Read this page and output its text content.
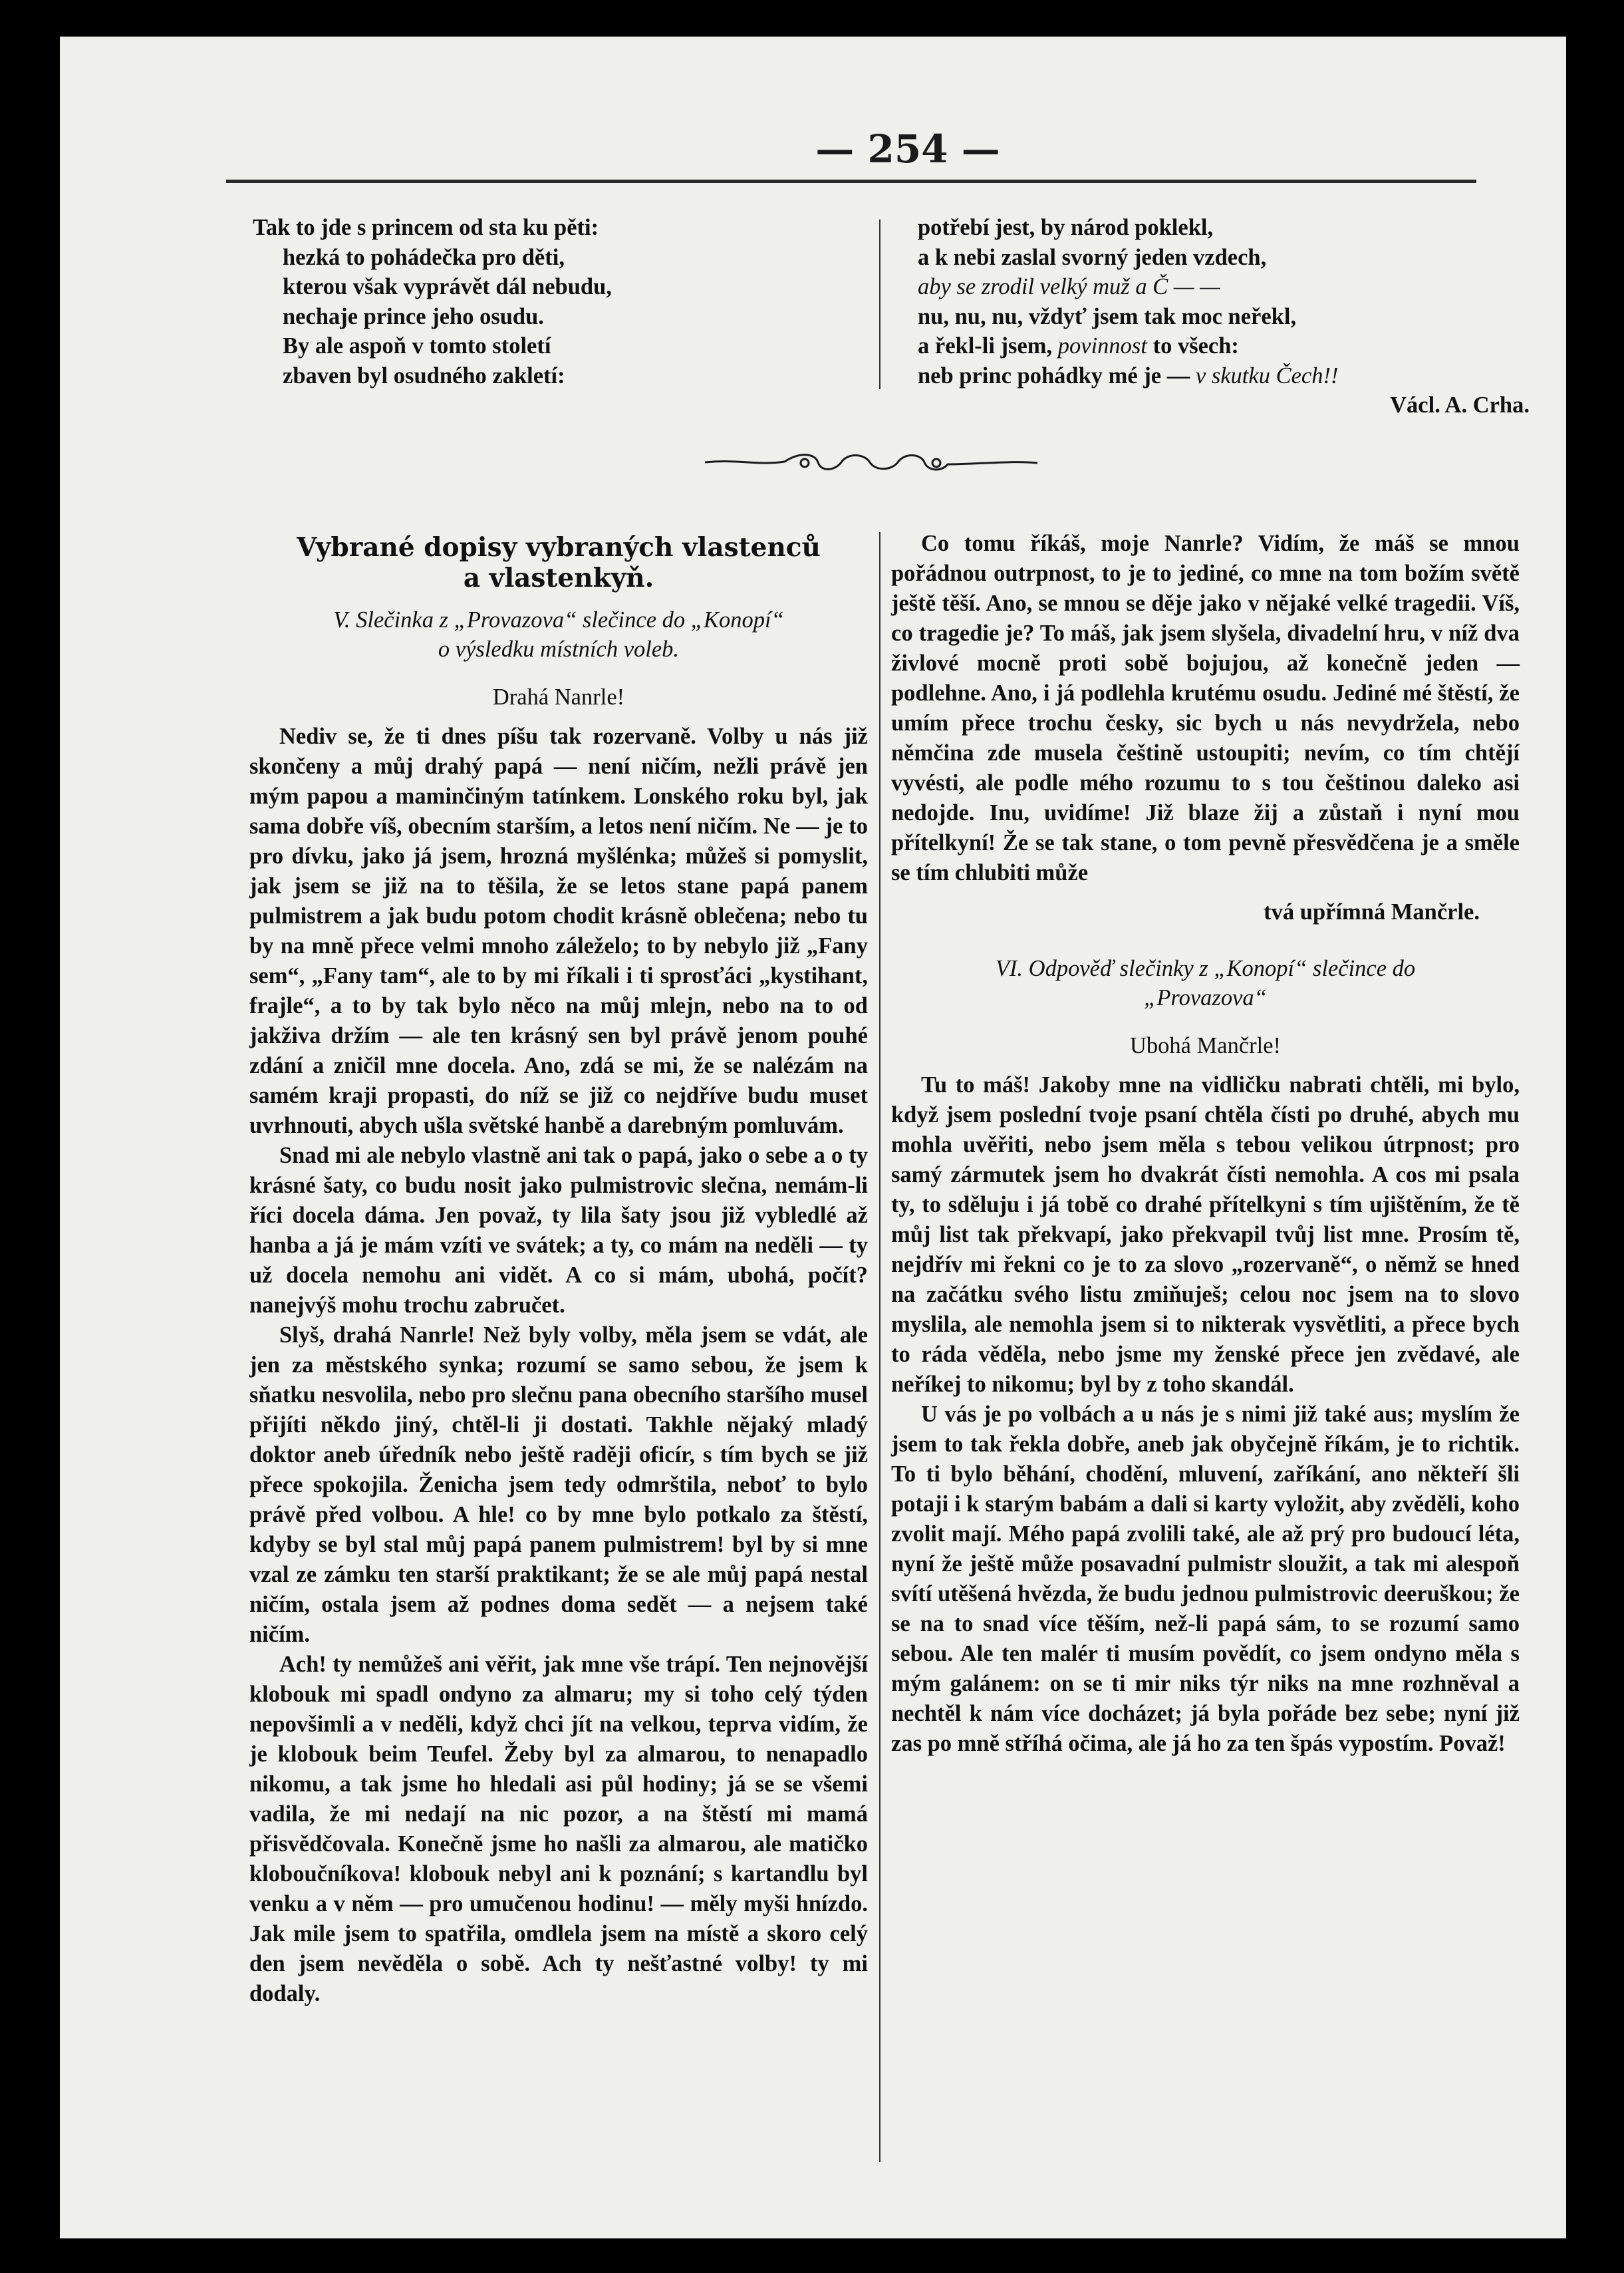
— 254 —
Tak to jde s princem od sta ku pěti:
hezká to pohádečka pro děti,
kterou však vyprávět dál nebudu,
nechaje prince jeho osudu.
By ale aspoň v tomto století
zbaven byl osudného zakletí:
potřebí jest, by národ poklekl,
a k nebi zaslal svorný jeden vzdech,
aby se zrodil velký muž a Č — —
nu, nu, nu, vždyť jsem tak moc neřekl,
a řekl-li jsem, povinnost to všech:
neb princ pohádky mé je — v skutku Čech!!
Václ. A. Crha.
Vybrané dopisy vybraných vlastenců
a vlastenkyň.
V. Slečinka z „Provazova“ slečince do „Konopí“
o výsledku místních voleb.
Drahá Nanrle!

Nediv se, že ti dnes píšu tak rozervaně. Volby u nás již skončeny a můj drahý papá — není ničím, nežli právě jen mým papou a maminčiným tatínkem. Lonského roku byl, jak sama dobře víš, obecním starším, a letos není ničím. Ne — je to pro dívku, jako já jsem, hrozná myšlénka; můžeš si pomyslit, jak jsem se již na to těšila, že se letos stane papá panem pulmistrem a jak budu potom chodit krásně oblečena; nebo tu by na mně přece velmi mnoho záleželo; to by nebylo již „Fany sem“, „Fany tam“, ale to by mi říkali i ti sprosťáci „kystihant, frajle“, a to by tak bylo něco na můj mlejn, nebo na to od jakživa držím — ale ten krásný sen byl právě jenom pouhé zdání a zničil mne docela. Ano, zdá se mi, že se nalézám na samém kraji propasti, do níž se již co nejdříve budu muset uvrhnouti, abych ušla světské hanbě a darebným pomluvám.

Snad mi ale nebylo vlastně ani tak o papá, jako o sebe a o ty krásné šaty, co budu nosit jako pulmistrovic slečna, nemám-li říci docela dáma. Jen považ, ty lila šaty jsou již vybledlé až hanba a já je mám vzíti ve svátek; a ty, co mám na neděli — ty už docela nemohu ani vidět. A co si mám, ubohá, počít? nanejvýš mohu trochu zabručet.

Slyš, drahá Nanrle! Než byly volby, měla jsem se vdát, ale jen za městského synka; rozumí se samo sebou, že jsem k sňatku nesvolila, nebo pro slečnu pana obecního staršího musel přijíti někdo jiný, chtěl-li ji dostati. Takhle nějaký mladý doktor aneb úředník nebo ještě raději oficír, s tím bych se již přece spokojila. Ženicha jsem tedy odmrštila, neboť to bylo právě před volbou. A hle! co by mne bylo potkalo za štěstí, kdyby se byl stal můj papá panem pulmistrem! byl by si mne vzal ze zámku ten starší praktikant; že se ale můj papá nestal ničím, ostala jsem až podnes doma sedět — a nejsem také ničím.

Ach! ty nemůžeš ani věřit, jak mne vše trápí. Ten nejnovější klobouk mi spadl ondyno za almaru; my si toho celý týden nepovšimli a v neděli, když chci jít na velkou, teprva vidím, že je klobouk beim Teufel. Žeby byl za almarou, to nenapadlo nikomu, a tak jsme ho hledali asi půl hodiny; já se se všemi vadila, že mi nedají na nic pozor, a na štěstí mi mamá přisvědčovala. Konečně jsme ho našli za almarou, ale matičko kloboučníkova! klobouk nebyl ani k poznání; s kartandlu byl venku a v něm — pro umučenou hodinu! — měly myši hnízdo. Jak mile jsem to spatřila, omdlela jsem na místě a skoro celý den jsem nevěděla o sobě. Ach ty nešťastné volby! ty mi dodaly.

Co tomu říkáš, moje Nanrle? Vidím, že máš se mnou pořádnou outrpnost, to je to jediné, co mne na tom božím světě ještě těší. Ano, se mnou se děje jako v nějaké velké tragedii. Víš, co tragedie je? To máš, jak jsem slyšela, divadelní hru, v níž dva živlové mocně proti sobě bojujou, až konečně jeden — podlehne. Ano, i já podlehla krutému osudu. Jediné mé štěstí, že umím přece trochu česky, sic bych u nás nevydržela, nebo němčina zde musela češtině ustoupiti; nevím, co tím chtějí vyvésti, ale podle mého rozumu to s tou češtinou daleko asi nedojde. Inu, uvidíme! Již blaze žij a zůstaň i nyní mou přítelkyní! Že se tak stane, o tom pevně přesvědčena je a směle se tím chlubiti může

tvá upřímná Mančrle.
VI. Odpověď slečinky z „Konopí“ slečince do
„Provazova“
Ubohá Mančrle!

Tu to máš! Jakoby mne na vidličku nabrati chtěli, mi bylo, když jsem poslední tvoje psaní chtěla čísti po druhé, abych mu mohla uvěřiti, nebo jsem měla s tebou velikou útrpnost; pro samý zármutek jsem ho dvakrát čísti nemohla. A cos mi psala ty, to sděluju i já tobě co drahé přítelkyni s tím ujištěním, že tě můj list tak překvapí, jako překvapil tvůj list mne. Prosím tě, nejdřív mi řekni co je to za slovo „rozervaně“, o němž se hned na začátku svého listu zmiňuješ; celou noc jsem na to slovo myslila, ale nemohla jsem si to nikterak vysvětliti, a přece bych to ráda věděla, nebo jsme my ženské přece jen zvědavé, ale neříkej to nikomu; byl by z toho skandál.

U vás je po volbách a u nás je s nimi již také aus; myslím že jsem to tak řekla dobře, aneb jak obyčejně říkám, je to richtik. To ti bylo běhání, chodění, mluvení, zaříkání, ano někteří šli potaji i k starým babám a dali si karty vyložit, aby zvěděli, koho zvolit mají. Mého papá zvolili také, ale až prý pro budoucí léta, nyní že ještě může posavadní pulmistr sloužit, a tak mi alespoň svítí utěšená hvězda, že budu jednou pulmistrovic deeruškou; že se na to snad více těším, než-li papá sám, to se rozumí samo sebou. Ale ten malér ti musím povědít, co jsem ondyno měla s mým galánem: on se ti mir niks týr niks na mne rozhněval a nechtěl k nám více docházet; já byla pořáde bez sebe; nyní již zas po mně stříhá očima, ale já ho za ten špás vypostím. Považ!
